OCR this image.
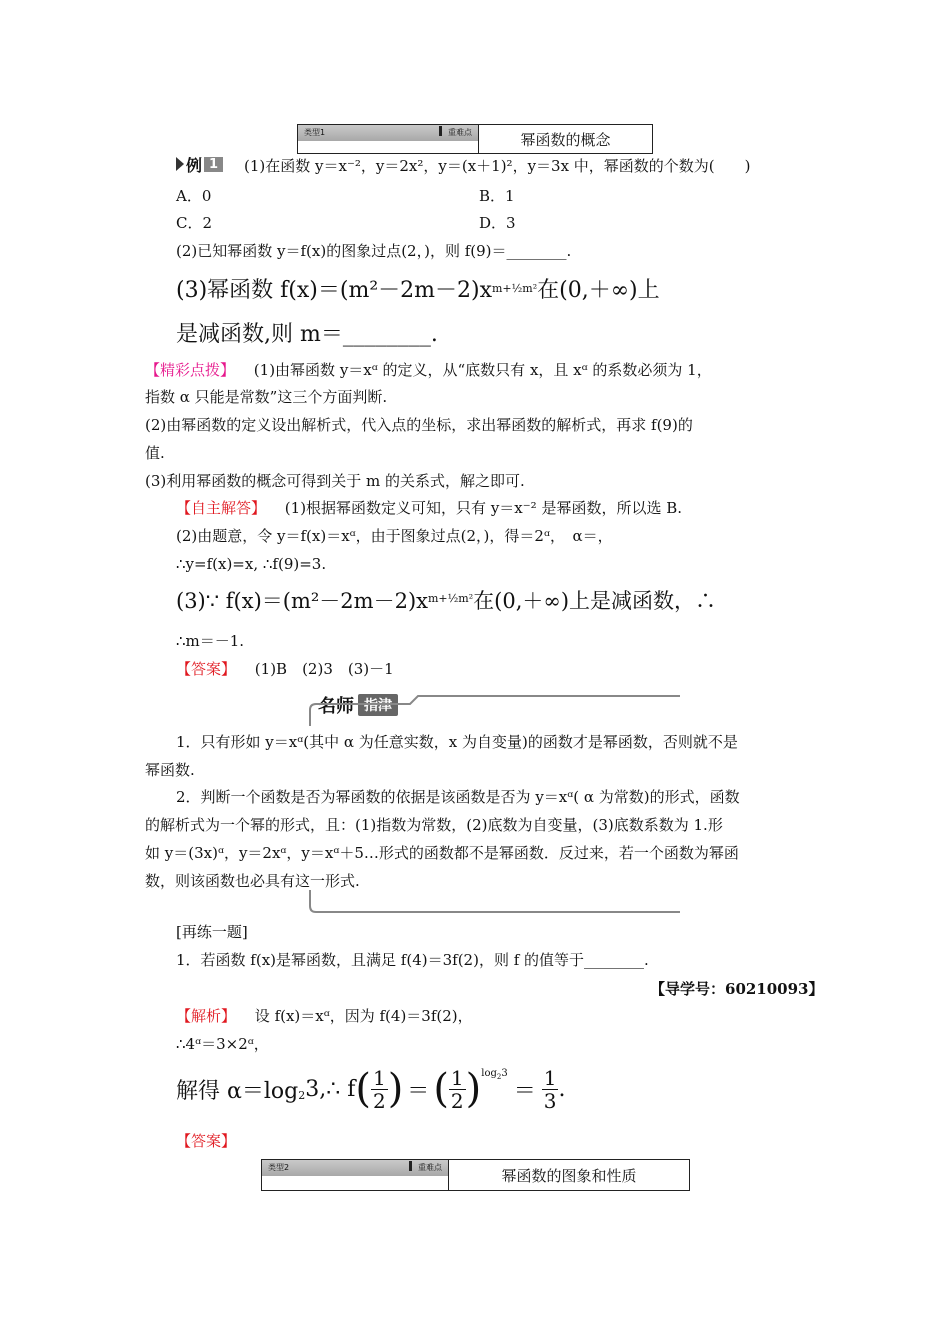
类型1	重难点	幂函数的概念
例 1	(1)在函数 y＝x⁻²，y＝2x²，y＝(x＋1)²，y＝3x 中，幂函数的个数为(　　)
A．0	B．1
C．2	D．3
(2)已知幂函数 y＝f(x)的图象过点(2，)，则 f(9)＝________.
(3)幂函数 $f(x)=(m^2-2m-2)x^{m+\frac{1}{2}m^2}$在(0,＋∞)上
是减函数,则 m＝________.
【精彩点拨】 (1)由幂函数 y＝xᵅ 的定义，从“底数只有 x，且 xᵅ 的系数必须为 1，
指数 α 只能是常数”这三个方面判断.
(2)由幂函数的定义设出解析式，代入点的坐标，求出幂函数的解析式，再求 f(9)的
值.
(3)利用幂函数的概念可得到关于 m 的关系式，解之即可.
【自主解答】 (1)根据幂函数定义可知，只有 y＝x⁻² 是幂函数，所以选 B.
(2)由题意，令 y＝f(x)＝xᵅ，由于图象过点(2，)，得＝2ᵅ，　α＝，
∴y=f(x)=x, ∴f(9)=3.
(3)∵ $f(x)=(m^2-2m-2)x^{m+\frac{1}{2}m^2}$在(0,＋∞)上是减函数，∴
∴m＝－1.
【答案】 (1)B　(2)3　(3)－1
名师 指津
1．只有形如 y＝xᵅ(其中 α 为任意实数，x 为自变量)的函数才是幂函数，否则就不是
幂函数.
2．判断一个函数是否为幂函数的依据是该函数是否为 y＝xᵅ( α 为常数)的形式，函数
的解析式为一个幂的形式，且：(1)指数为常数，(2)底数为自变量，(3)底数系数为 1.形
如 y＝(3x)ᵅ，y＝2xᵅ，y＝xᵅ＋5…形式的函数都不是幂函数．反过来，若一个函数为幂函
数，则该函数也必具有这一形式.
[再练一题]
1．若函数 f(x)是幂函数，且满足 f(4)＝3f(2)，则 f 的值等于________.
【导学号：60210093】
【解析】 设 f(x)＝xᵅ，因为 f(4)＝3f(2)，
∴4ᵅ＝3×2ᵅ，
解得 $\alpha=\log_2$ 3,∴ f ( $\frac{1}{2}$ ) ＝ ( $\frac{1}{2}$ ) $\log_23$
＝ $\frac{1}{3}$ .
【答案】
类型2	重难点	幂函数的图象和性质
